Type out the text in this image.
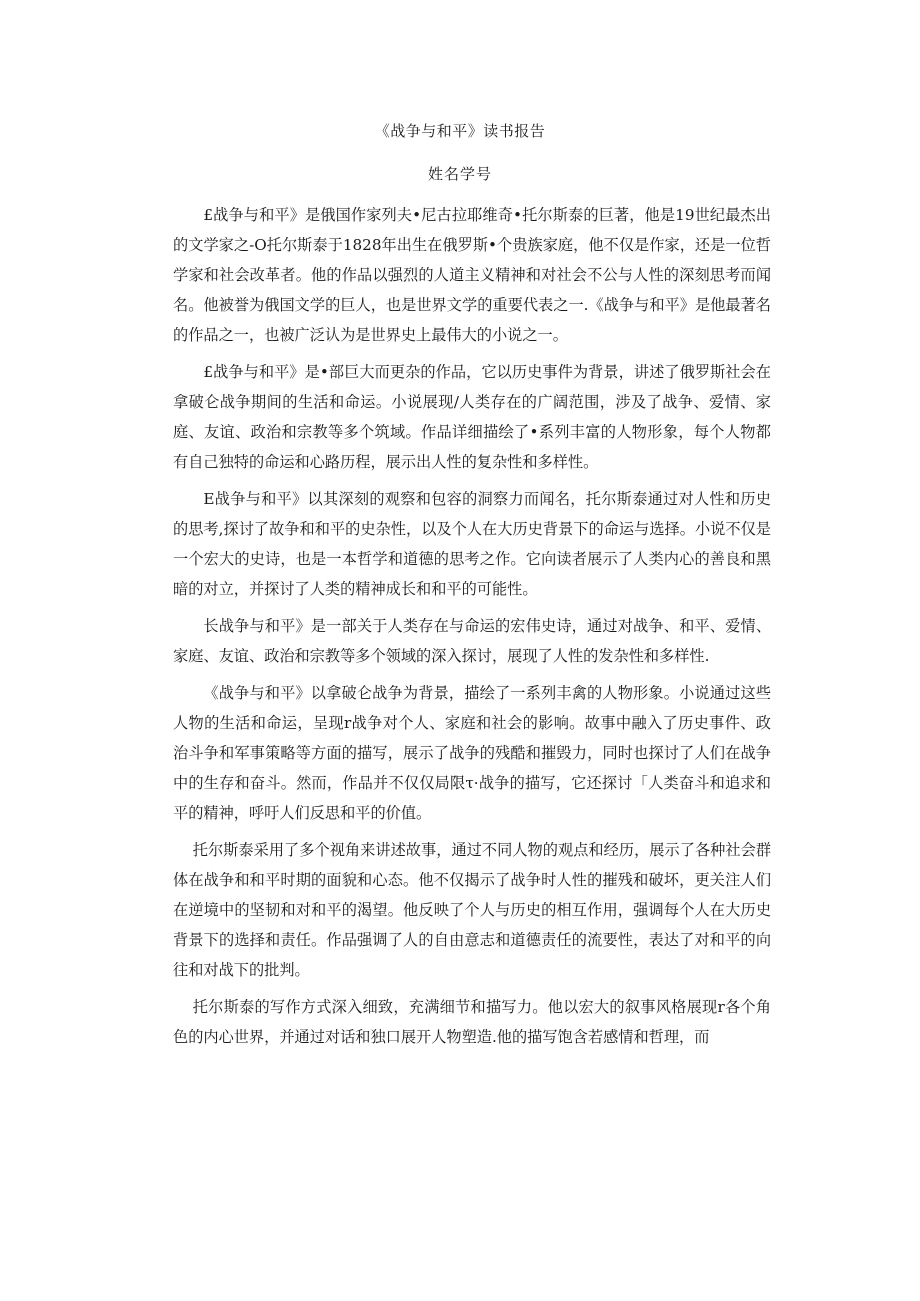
《战争与和平》读书报告
姓名学号

£战争与和平》是俄国作家列夫•尼古拉耶维奇•托尔斯泰的巨著，他是19世纪最杰出的文学家之-O托尔斯泰于1828年出生在俄罗斯•个贵族家庭，他不仅是作家，还是一位哲学家和社会改革者。他的作品以强烈的人道主义精神和对社会不公与人性的深刻思考而闻名。他被誉为俄国文学的巨人，也是世界文学的重要代表之一.《战争与和平》是他最著名的作品之一，也被广泛认为是世界史上最伟大的小说之一。

£战争与和平》是•部巨大而更杂的作品，它以历史事件为背景，讲述了俄罗斯社会在拿破仑战争期间的生活和命运。小说展现/人类存在的广阔范围，涉及了战争、爱情、家庭、友谊、政治和宗教等多个筑域。作品详细描绘了•系列丰富的人物形象，每个人物都有自己独特的命运和心路历程，展示出人性的复杂性和多样性。

E战争与和平》以其深刻的观察和包容的洞察力而闻名，托尔斯泰通过对人性和历史的思考,探讨了故争和和平的史杂性，以及个人在大历史背景下的命运与选择。小说不仅是一个宏大的史诗，也是一本哲学和道德的思考之作。它向读者展示了人类内心的善良和黑暗的对立，并探讨了人类的精神成长和和平的可能性。

长战争与和平》是一部关于人类存在与命运的宏伟史诗，通过对战争、和平、爱情、家庭、友谊、政治和宗教等多个领域的深入探讨，展现了人性的发杂性和多样性.

《战争与和平》以拿破仑战争为背景，描绘了一系列丰禽的人物形象。小说通过这些人物的生活和命运，呈现r战争对个人、家庭和社会的影响。故事中融入了历史事件、政治斗争和军事策略等方面的描写，展示了战争的残酷和摧毁力，同时也探讨了人们在战争中的生存和奋斗。然而，作品并不仅仅局限τ·战争的描写，它还探讨「人类奋斗和追求和平的精神，呼吁人们反思和平的价值。

托尔斯泰采用了多个视角来讲述故事，通过不同人物的观点和经历，展示了各种社会群体在战争和和平时期的面貌和心态。他不仅揭示了战争时人性的摧残和破坏，更关注人们在逆境中的坚韧和对和平的渴望。他反映了个人与历史的相互作用，强调每个人在大历史背景下的选择和责任。作品强调了人的自由意志和道德责任的流要性，表达了对和平的向往和对战下的批判。

托尔斯泰的写作方式深入细致，充满细节和描写力。他以宏大的叙事风格展现r各个角色的内心世界，并通过对话和独口展开人物塑造.他的描写饱含若感情和哲理，而
